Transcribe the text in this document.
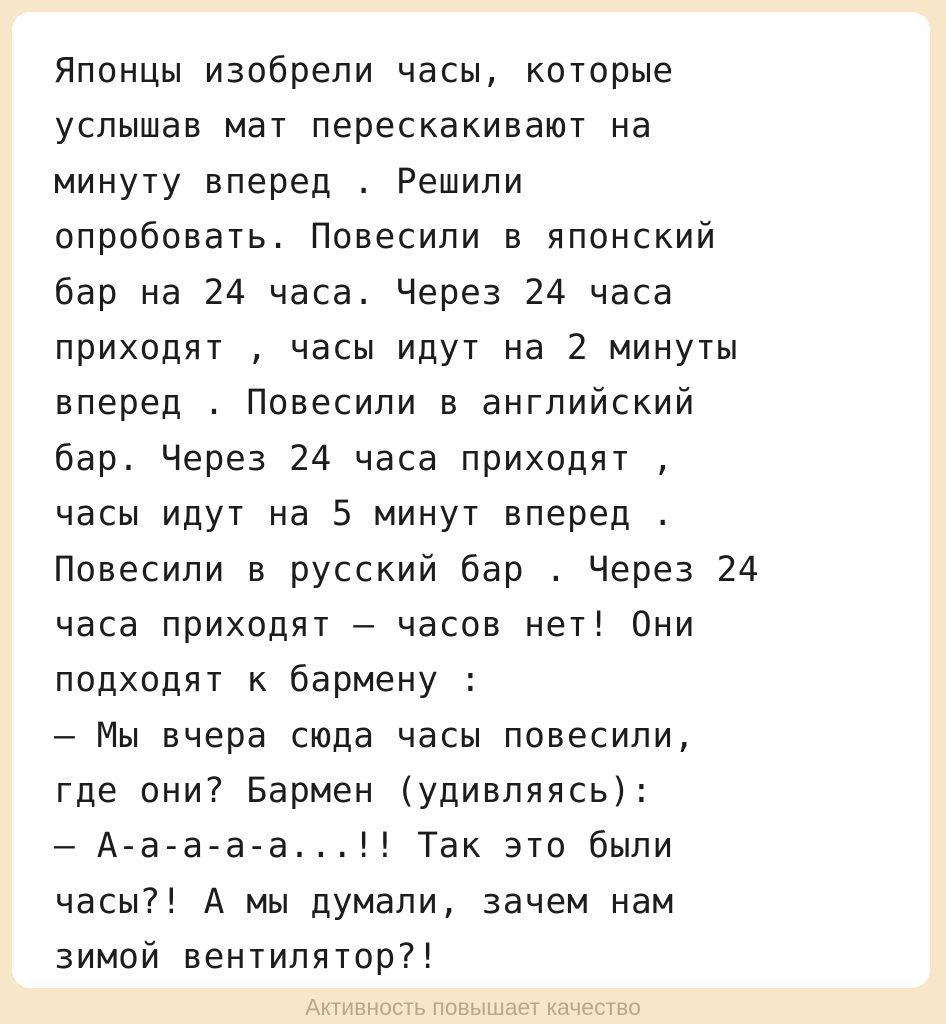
Японцы изобрели часы, которые
услышав мат перескакивают на
минуту вперед . Решили
опробовать. Повесили в японский
бар на 24 часа. Через 24 часа
приходят , часы идут на 2 минуты
вперед . Повесили в английский
бар. Через 24 часа приходят ,
часы идут на 5 минут вперед .
Повесили в русский бар . Через 24
часа приходят — часов нет! Они
подходят к бармену :
— Мы вчера сюда часы повесили,
где они? Бармен (удивляясь):
— А-а-а-а-а...!! Так это были
часы?! А мы думали, зачем нам
зимой вентилятор?!
Активность повышает качество
